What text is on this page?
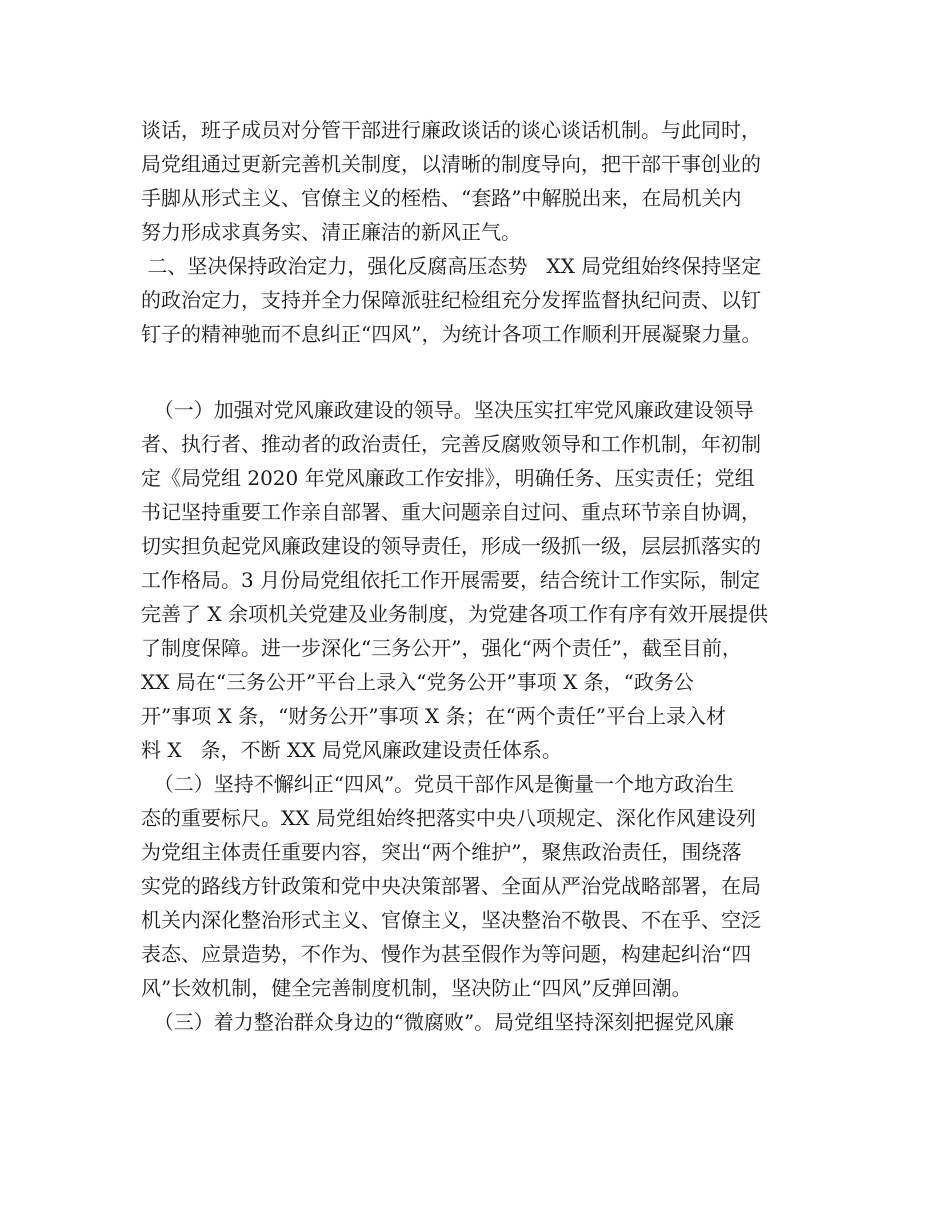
谈话，班子成员对分管干部进行廉政谈话的谈心谈话机制。与此同时，

局党组通过更新完善机关制度，以清晰的制度导向，把干部干事创业的

手脚从形式主义、官僚主义的桎梏、“套路”中解脱出来，在局机关内

努力形成求真务实、清正廉洁的新风正气。

二、坚决保持政治定力，强化反腐高压态势   XX 局党组始终保持坚定

的政治定力，支持并全力保障派驻纪检组充分发挥监督执纪问责、以钉

钉子的精神驰而不息纠正“四风”，为统计各项工作顺利开展凝聚力量。

（一）加强对党风廉政建设的领导。坚决压实扛牢党风廉政建设领导

者、执行者、推动者的政治责任，完善反腐败领导和工作机制，年初制

定《局党组 2020 年党风廉政工作安排》，明确任务、压实责任；党组

书记坚持重要工作亲自部署、重大问题亲自过问、重点环节亲自协调，

切实担负起党风廉政建设的领导责任，形成一级抓一级，层层抓落实的

工作格局。3 月份局党组依托工作开展需要，结合统计工作实际，制定

完善了 X 余项机关党建及业务制度，为党建各项工作有序有效开展提供

了制度保障。进一步深化“三务公开”，强化“两个责任”，截至目前，

XX 局在“三务公开”平台上录入“党务公开”事项 X 条，“政务公

开”事项 X 条，“财务公开”事项 X 条；在“两个责任”平台上录入材

料 X   条，不断 XX 局党风廉政建设责任体系。

（二）坚持不懈纠正“四风”。党员干部作风是衡量一个地方政治生

态的重要标尺。XX 局党组始终把落实中央八项规定、深化作风建设列

为党组主体责任重要内容，突出“两个维护”，聚焦政治责任，围绕落

实党的路线方针政策和党中央决策部署、全面从严治党战略部署，在局

机关内深化整治形式主义、官僚主义，坚决整治不敬畏、不在乎、空泛

表态、应景造势，不作为、慢作为甚至假作为等问题，构建起纠治“四

风”长效机制，健全完善制度机制，坚决防止“四风”反弹回潮。

（三）着力整治群众身边的“微腐败”。局党组坚持深刻把握党风廉
